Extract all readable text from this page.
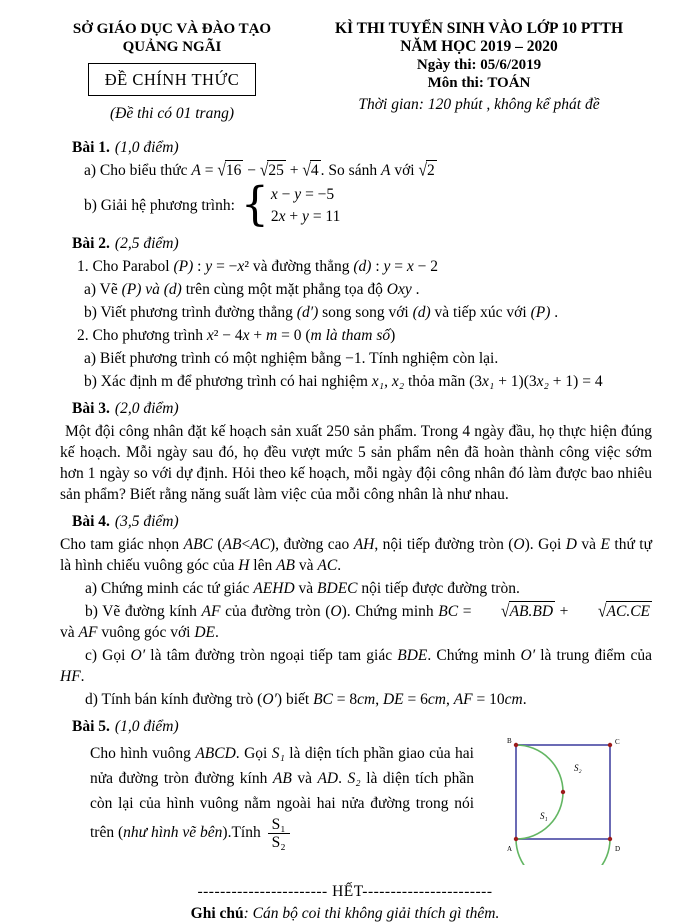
SỞ GIÁO DỤC VÀ ĐÀO TẠO
QUẢNG NGÃI
ĐỀ CHÍNH THỨC
(Đề thi có 01 trang)
KÌ THI TUYỂN SINH VÀO LỚP 10 PTTH
NĂM HỌC 2019 – 2020
Ngày thi: 05/6/2019
Môn thi: TOÁN
Thời gian: 120 phút , không kể phát đề
Bài 1. (1,0 điểm)
a) Cho biểu thức A = √16 − √25 + √4 . So sánh A với √2
b) Giải hệ phương trình: { x − y = −5
2x + y = 11
Bài 2. (2,5 điểm)
1. Cho Parabol (P) : y = −x² và đường thẳng (d) : y = x − 2
a) Vẽ (P) và (d) trên cùng một mặt phẳng tọa độ Oxy .
b) Viết phương trình đường thẳng (d′) song song với (d) và tiếp xúc với (P) .
2. Cho phương trình x² − 4x + m = 0 (m là tham số)
a) Biết phương trình có một nghiệm bằng −1. Tính nghiệm còn lại.
b) Xác định m để phương trình có hai nghiệm x₁, x₂ thỏa mãn (3x₁ + 1)(3x₂ + 1) = 4
Bài 3. (2,0 điểm)
Một đội công nhân đặt kế hoạch sản xuất 250 sản phẩm. Trong 4 ngày đầu, họ thực hiện đúng kế hoạch. Mỗi ngày sau đó, họ đều vượt mức 5 sản phẩm nên đã hoàn thành công việc sớm hơn 1 ngày so với dự định. Hỏi theo kế hoạch, mỗi ngày đội công nhân đó làm được bao nhiêu sản phẩm? Biết rằng năng suất làm việc của mỗi công nhân là như nhau.
Bài 4. (3,5 điểm)
Cho tam giác nhọn ABC (AB<AC), đường cao AH, nội tiếp đường tròn (O). Gọi D và E thứ tự là hình chiếu vuông góc của H lên AB và AC.
a) Chứng minh các tứ giác AEHD và BDEC nội tiếp được đường tròn.
b) Vẽ đường kính AF của đường tròn (O). Chứng minh BC = √AB.BD + √AC.CE và AF vuông góc với DE.
c) Gọi O′ là tâm đường tròn ngoại tiếp tam giác BDE. Chứng minh O′ là trung điểm của HF.
d) Tính bán kính đường trò (O′) biết BC = 8cm, DE = 6cm, AF = 10cm.
Bài 5. (1,0 điểm)
Cho hình vuông ABCD. Gọi S₁ là diện tích phần giao của hai nửa đường tròn đường kính AB và AD. S₂ là diện tích phần còn lại của hình vuông nằm ngoài hai nửa đường trong nói trên (như hình vẽ bên).Tính $\frac{\text{S₁}}{\text{S₂}}$
B	C
A	D
S₂
S₁
----------------------- HẾT-----------------------
Ghi chú: Cán bộ coi thi không giải thích gì thêm.
